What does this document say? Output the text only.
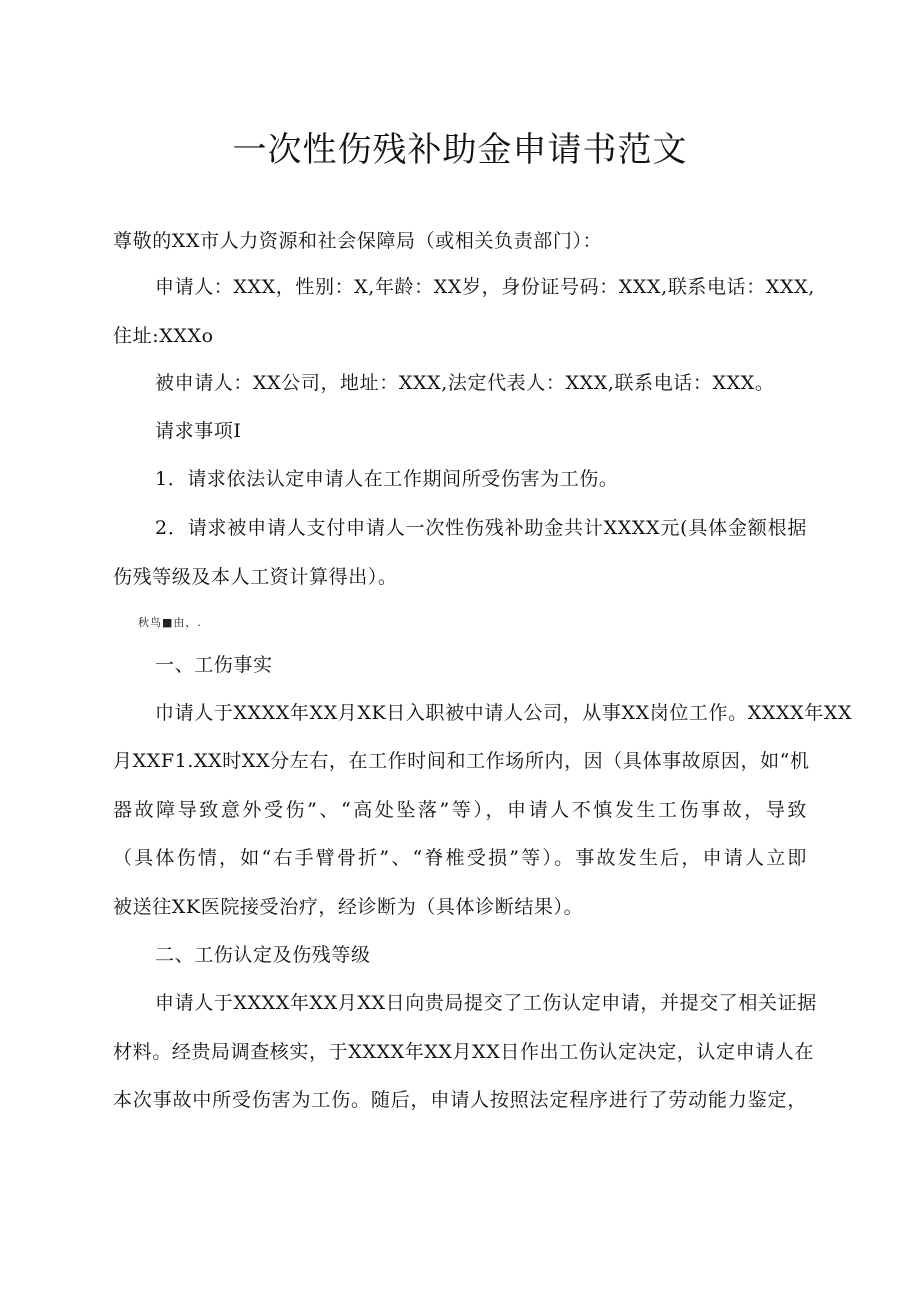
一次性伤残补助金申请书范文
尊敬的XX市人力资源和社会保障局（或相关负责部门）：
申请人：XXX，性别：X,年龄：XX岁，身份证号码：XXX,联系电话：XXX,
住址:XXXo
被申请人：XX公司，地址：XXX,法定代表人：XXX,联系电话：XXX。
请求事项I
1．请求依法认定申请人在工作期间所受伤害为工伤。
2．请求被申请人支付申请人一次性伤残补助金共计XXXX元(具体金额根据
伤残等级及本人工资计算得出）。
秋鸟■由，.
一、工伤事实
巾请人于XXXX年XX月XK日入职被中请人公司，从事XX岗位工作。XXXX年XX
月XXF1.XX时XX分左右，在工作时间和工作场所内，因（具体事故原因，如“机
器故障导致意外受伤”、“高处坠落”等），申请人不慎发生工伤事故，导致
（具体伤情，如“右手臂骨折”、“脊椎受损”等）。事故发生后，申请人立即
被送往XK医院接受治疗，经诊断为（具体诊断结果）。
二、工伤认定及伤残等级
申请人于XXXX年XX月XX日向贵局提交了工伤认定申请，并提交了相关证据
材料。经贵局调查核实，于XXXX年XX月XX日作出工伤认定决定，认定申请人在
本次事故中所受伤害为工伤。随后，申请人按照法定程序进行了劳动能力鉴定，
